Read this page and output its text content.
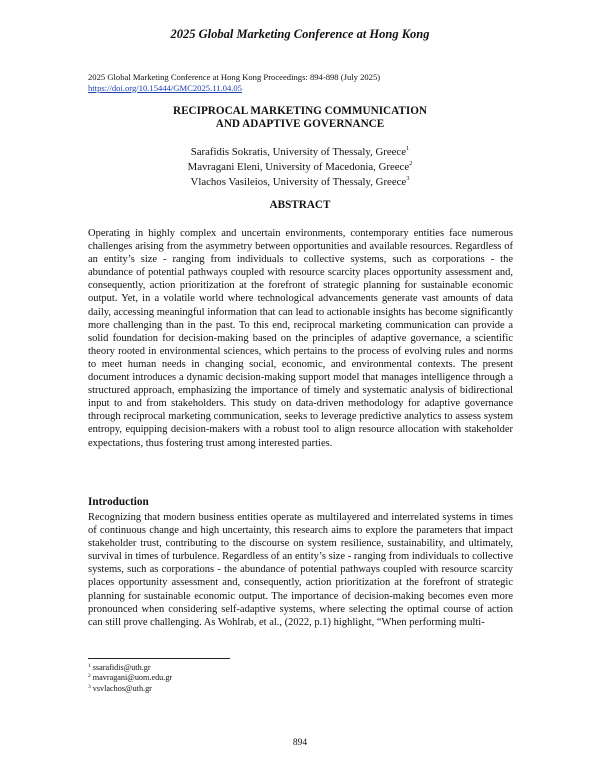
2025 Global Marketing Conference at Hong Kong
2025 Global Marketing Conference at Hong Kong Proceedings: 894-898 (July 2025)
https://doi.org/10.15444/GMC2025.11.04.05
RECIPROCAL MARKETING COMMUNICATION
AND ADAPTIVE GOVERNANCE
Sarafidis Sokratis, University of Thessaly, Greece$^1$
Mavragani Eleni, University of Macedonia, Greece$^2$
Vlachos Vasileios, University of Thessaly, Greece$^3$
ABSTRACT

Operating in highly complex and uncertain environments, contemporary entities face numerous challenges arising from the asymmetry between opportunities and available resources. Regardless of an entity’s size - ranging from individuals to collective systems, such as corporations - the abundance of potential pathways coupled with resource scarcity places opportunity assessment and, consequently, action prioritization at the forefront of strategic planning for sustainable economic output. Yet, in a volatile world where technological advancements generate vast amounts of data daily, accessing meaningful information that can lead to actionable insights has become significantly more challenging than in the past. To this end, reciprocal marketing communication can provide a solid foundation for decision-making based on the principles of adaptive governance, a scientific theory rooted in environmental sciences, which pertains to the process of evolving rules and norms to meet human needs in changing social, economic, and environmental contexts. The present document introduces a dynamic decision-making support model that manages intelligence through a structured approach, emphasizing the importance of timely and systematic analysis of bidirectional input to and from stakeholders. This study on data-driven methodology for adaptive governance through reciprocal marketing communication, seeks to leverage predictive analytics to assess system entropy, equipping decision-makers with a robust tool to align resource allocation with stakeholder expectations, thus fostering trust among interested parties.

Introduction

Recognizing that modern business entities operate as multilayered and interrelated systems in times of continuous change and high uncertainty, this research aims to explore the parameters that impact stakeholder trust, contributing to the discourse on system resilience, sustainability, and ultimately, survival in times of turbulence. Regardless of an entity’s size - ranging from individuals to collective systems, such as corporations - the abundance of potential pathways coupled with resource scarcity places opportunity assessment and, consequently, action prioritization at the forefront of strategic planning for sustainable economic output. The importance of decision-making becomes even more pronounced when considering self-adaptive systems, where selecting the optimal course of action can still prove challenging. As Wohlrab, et al., (2022, p.1) highlight, “When performing multi-

$^1$ ssarafidis@uth.gr
$^2$ mavragani@uom.edu.gr
$^3$ vsvlachos@uth.gr
894
